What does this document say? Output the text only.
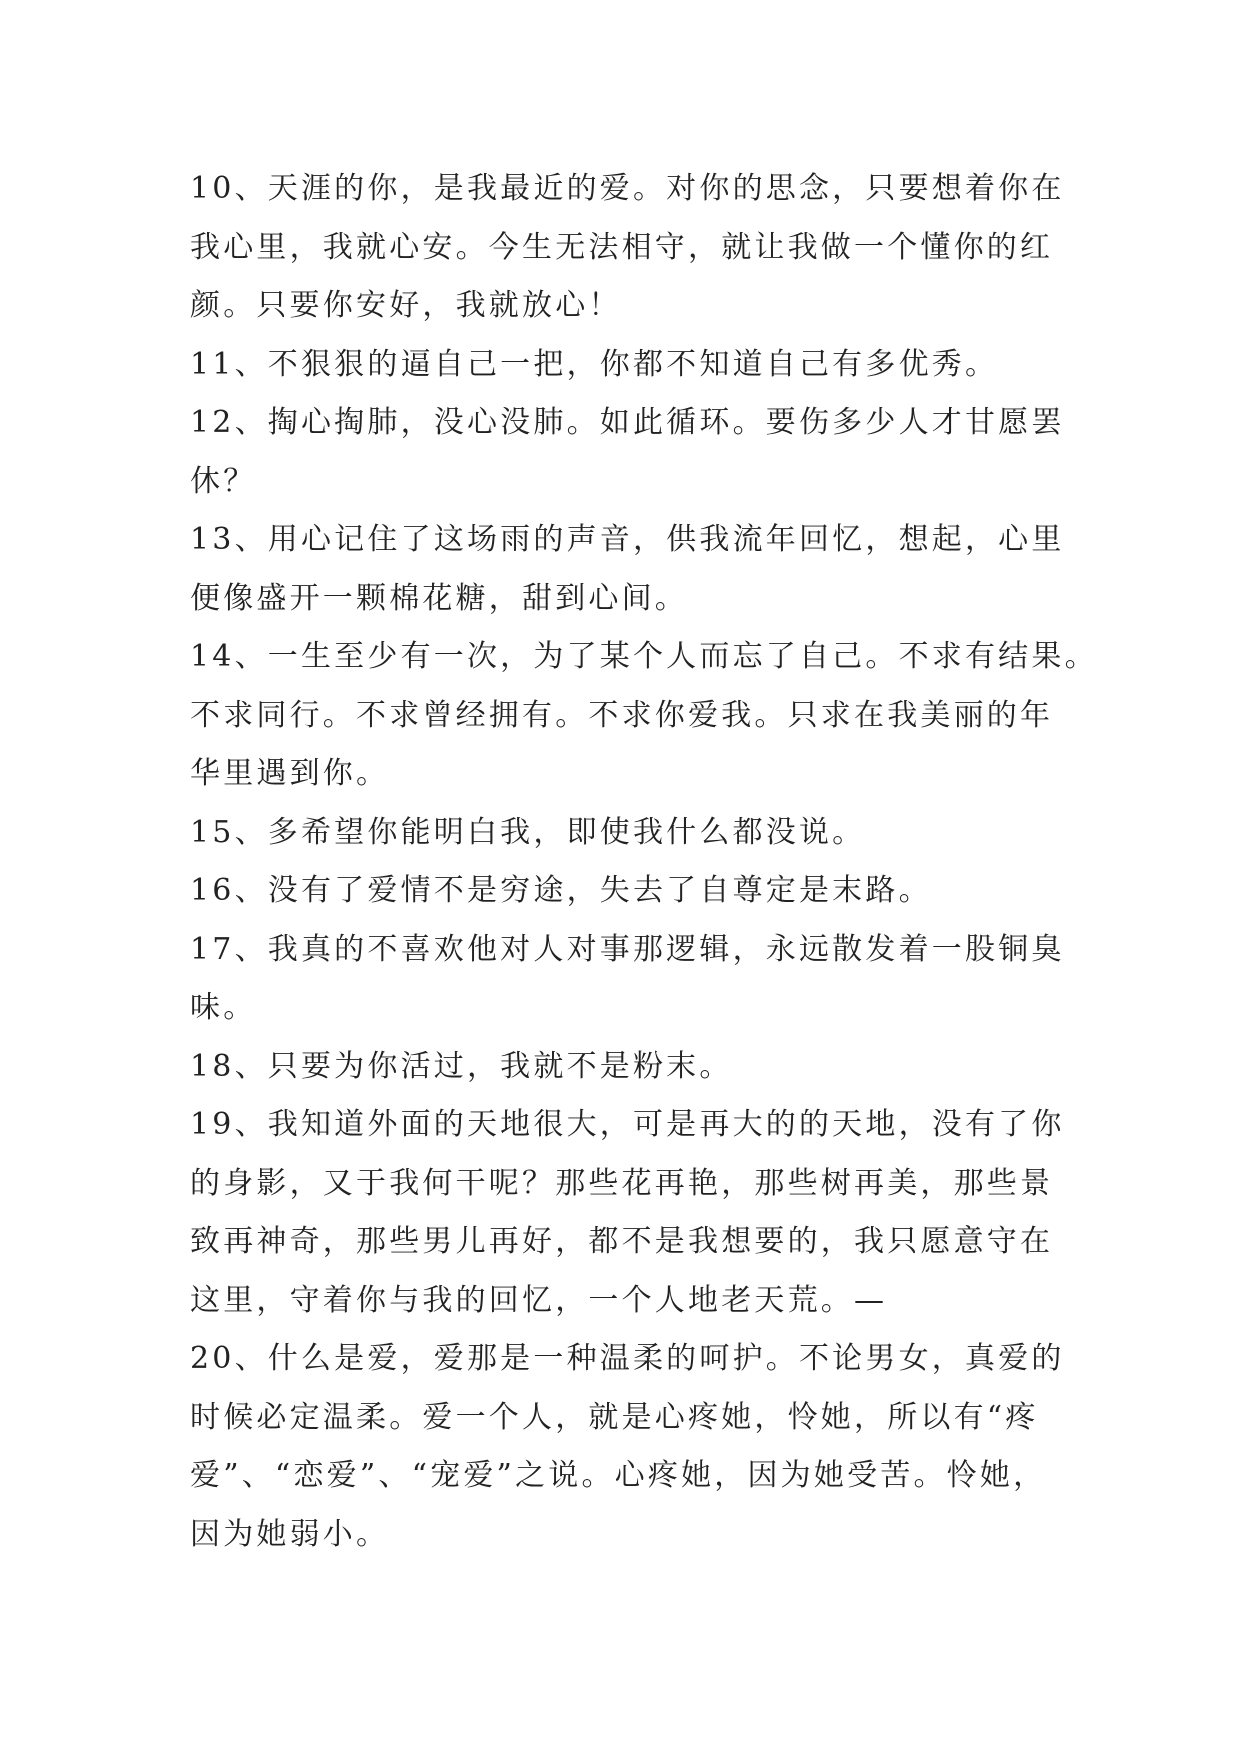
10、天涯的你，是我最近的爱。对你的思念，只要想着你在
我心里，我就心安。今生无法相守，就让我做一个懂你的红
颜。只要你安好，我就放心！
11、不狠狠的逼自己一把，你都不知道自己有多优秀。
12、掏心掏肺，没心没肺。如此循环。要伤多少人才甘愿罢
休？
13、用心记住了这场雨的声音，供我流年回忆，想起，心里
便像盛开一颗棉花糖，甜到心间。
14、一生至少有一次，为了某个人而忘了自己。不求有结果。
不求同行。不求曾经拥有。不求你爱我。只求在我美丽的年
华里遇到你。
15、多希望你能明白我，即使我什么都没说。
16、没有了爱情不是穷途，失去了自尊定是末路。
17、我真的不喜欢他对人对事那逻辑，永远散发着一股铜臭
味。
18、只要为你活过，我就不是粉末。
19、我知道外面的天地很大，可是再大的的天地，没有了你
的身影，又于我何干呢？那些花再艳，那些树再美，那些景
致再神奇，那些男儿再好，都不是我想要的，我只愿意守在
这里，守着你与我的回忆，一个人地老天荒。—
20、什么是爱，爱那是一种温柔的呵护。不论男女，真爱的
时候必定温柔。爱一个人，就是心疼她，怜她，所以有“疼
爱”、“恋爱”、“宠爱”之说。心疼她，因为她受苦。怜她，
因为她弱小。
